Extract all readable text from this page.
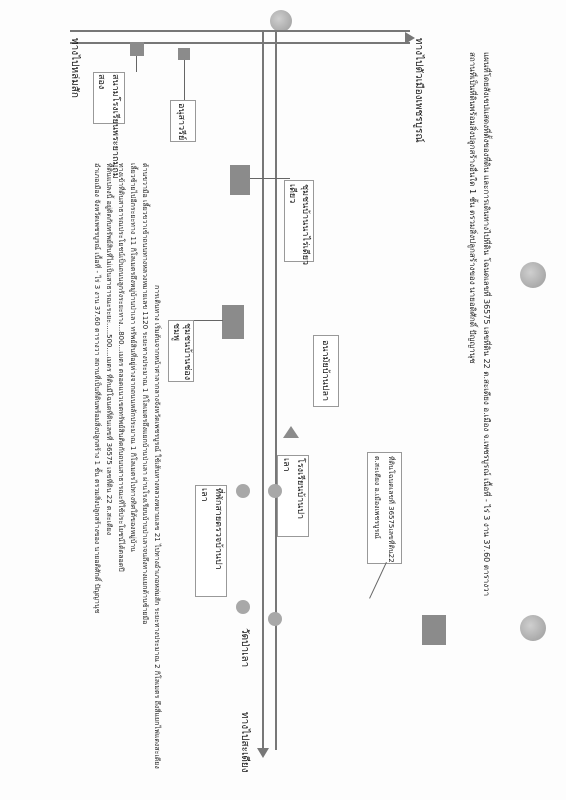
แผนที่โดยสังเขปแสดงที่ตั้งของที่ดิน และการเดินทางไปที่ดิน โฉนดเลขที่ 36575 เลขที่ดิน 22 ต.สะเดียง อ.เมือง จ.เพชรบูรณ์ เนื้อที่ - ไร่ 3 งาน 37.60 ตารางวา
สถานที่เป็นที่ดินพร้อมสิ่งปลูกสร้างอื่นใด 1 ชั้น ตรวมสิ่งปลูกสร้างของ นายอดิศักดิ์ ปัญญานุช
ทางไปตัวเมืองเพชรบูรณ์
ทางไปหล่มสัก
ทางไปสะเดียง
สนามโรงเรียนพระยาถมถม
สอง
อนุสาวรีย์
ชุมชนบ้านนาไร่เดียว
เดียว
ชุมชนบ้านช่อง
ชมพู
อนามัยบ้านปลา
โรงเรียนบ้านปา
เลา
ที่พักสายตรวจบ้านปา
เลา
วัดป่าเลา
ที่ดินโฉนดเลขที่ 36575เลขที่ดิน22
ต.สะเดียง อ.เมืองเพชรบูรณ์
การเดินทาง เริ่มต้นจากหน้าศาลากลางจังหวัดเพชรบูรณ์ ใช้เส้นทางหลวงหมายเลข 21 ไปทางอำเภอหล่มสัก ระยะทางประมาณ 2 กิโลเมตร ถึงสี่แยกไฟแดงสะเดียง
ด้านขวามือ เลี้ยวขวาเข้าถนนทางหลวงหมายเลข 1120 ระยะทางประมาณ 1 กิโลเมตรถึงแยกบ้านป่าเลา ผ่านโรงเรียนบ้านป่าเลาจนถึงทางแยกด้านซ้ายมือ
เลี้ยวซ้ายไปอีกระยะทาง 11 กิโลเมตรถึงหมู่บ้านป่าเลา ทรัพย์สินที่อยู่ห่างจากถนนหลักประมาณ 1 กิโลเมตรไปทางทิศใต้ของหมู่บ้าน
ทางเข้าที่ดินสาธารณประโยชน์เป็นถนนลูกรังระยะทาง...800...เมตร ตลอดแนวเขตทรัพย์สินติดกับถนนสาธารณะที่ใช้ประโยชน์ได้ตลอดปี
ที่ดินแปลงนี้ อยู่ติดกับทรัพย์สินที่ไม่เป็นสาธารณะระยะ.....500....เมตร ที่ดินมีโฉนดที่ดินเลขที่ 36575 เลขที่ดิน 22 ต.สะเดียง
อำเภอเมือง จังหวัดเพชรบูรณ์ เนื้อที่ - ไร่ 3 งาน 37.60 ตารางวา สถานที่เป็นที่ดินพร้อมสิ่งปลูกสร้าง 1 ชั้น ตรวมสิ่งปลูกสร้างของ นายอดิศักดิ์ ปัญญานุช
